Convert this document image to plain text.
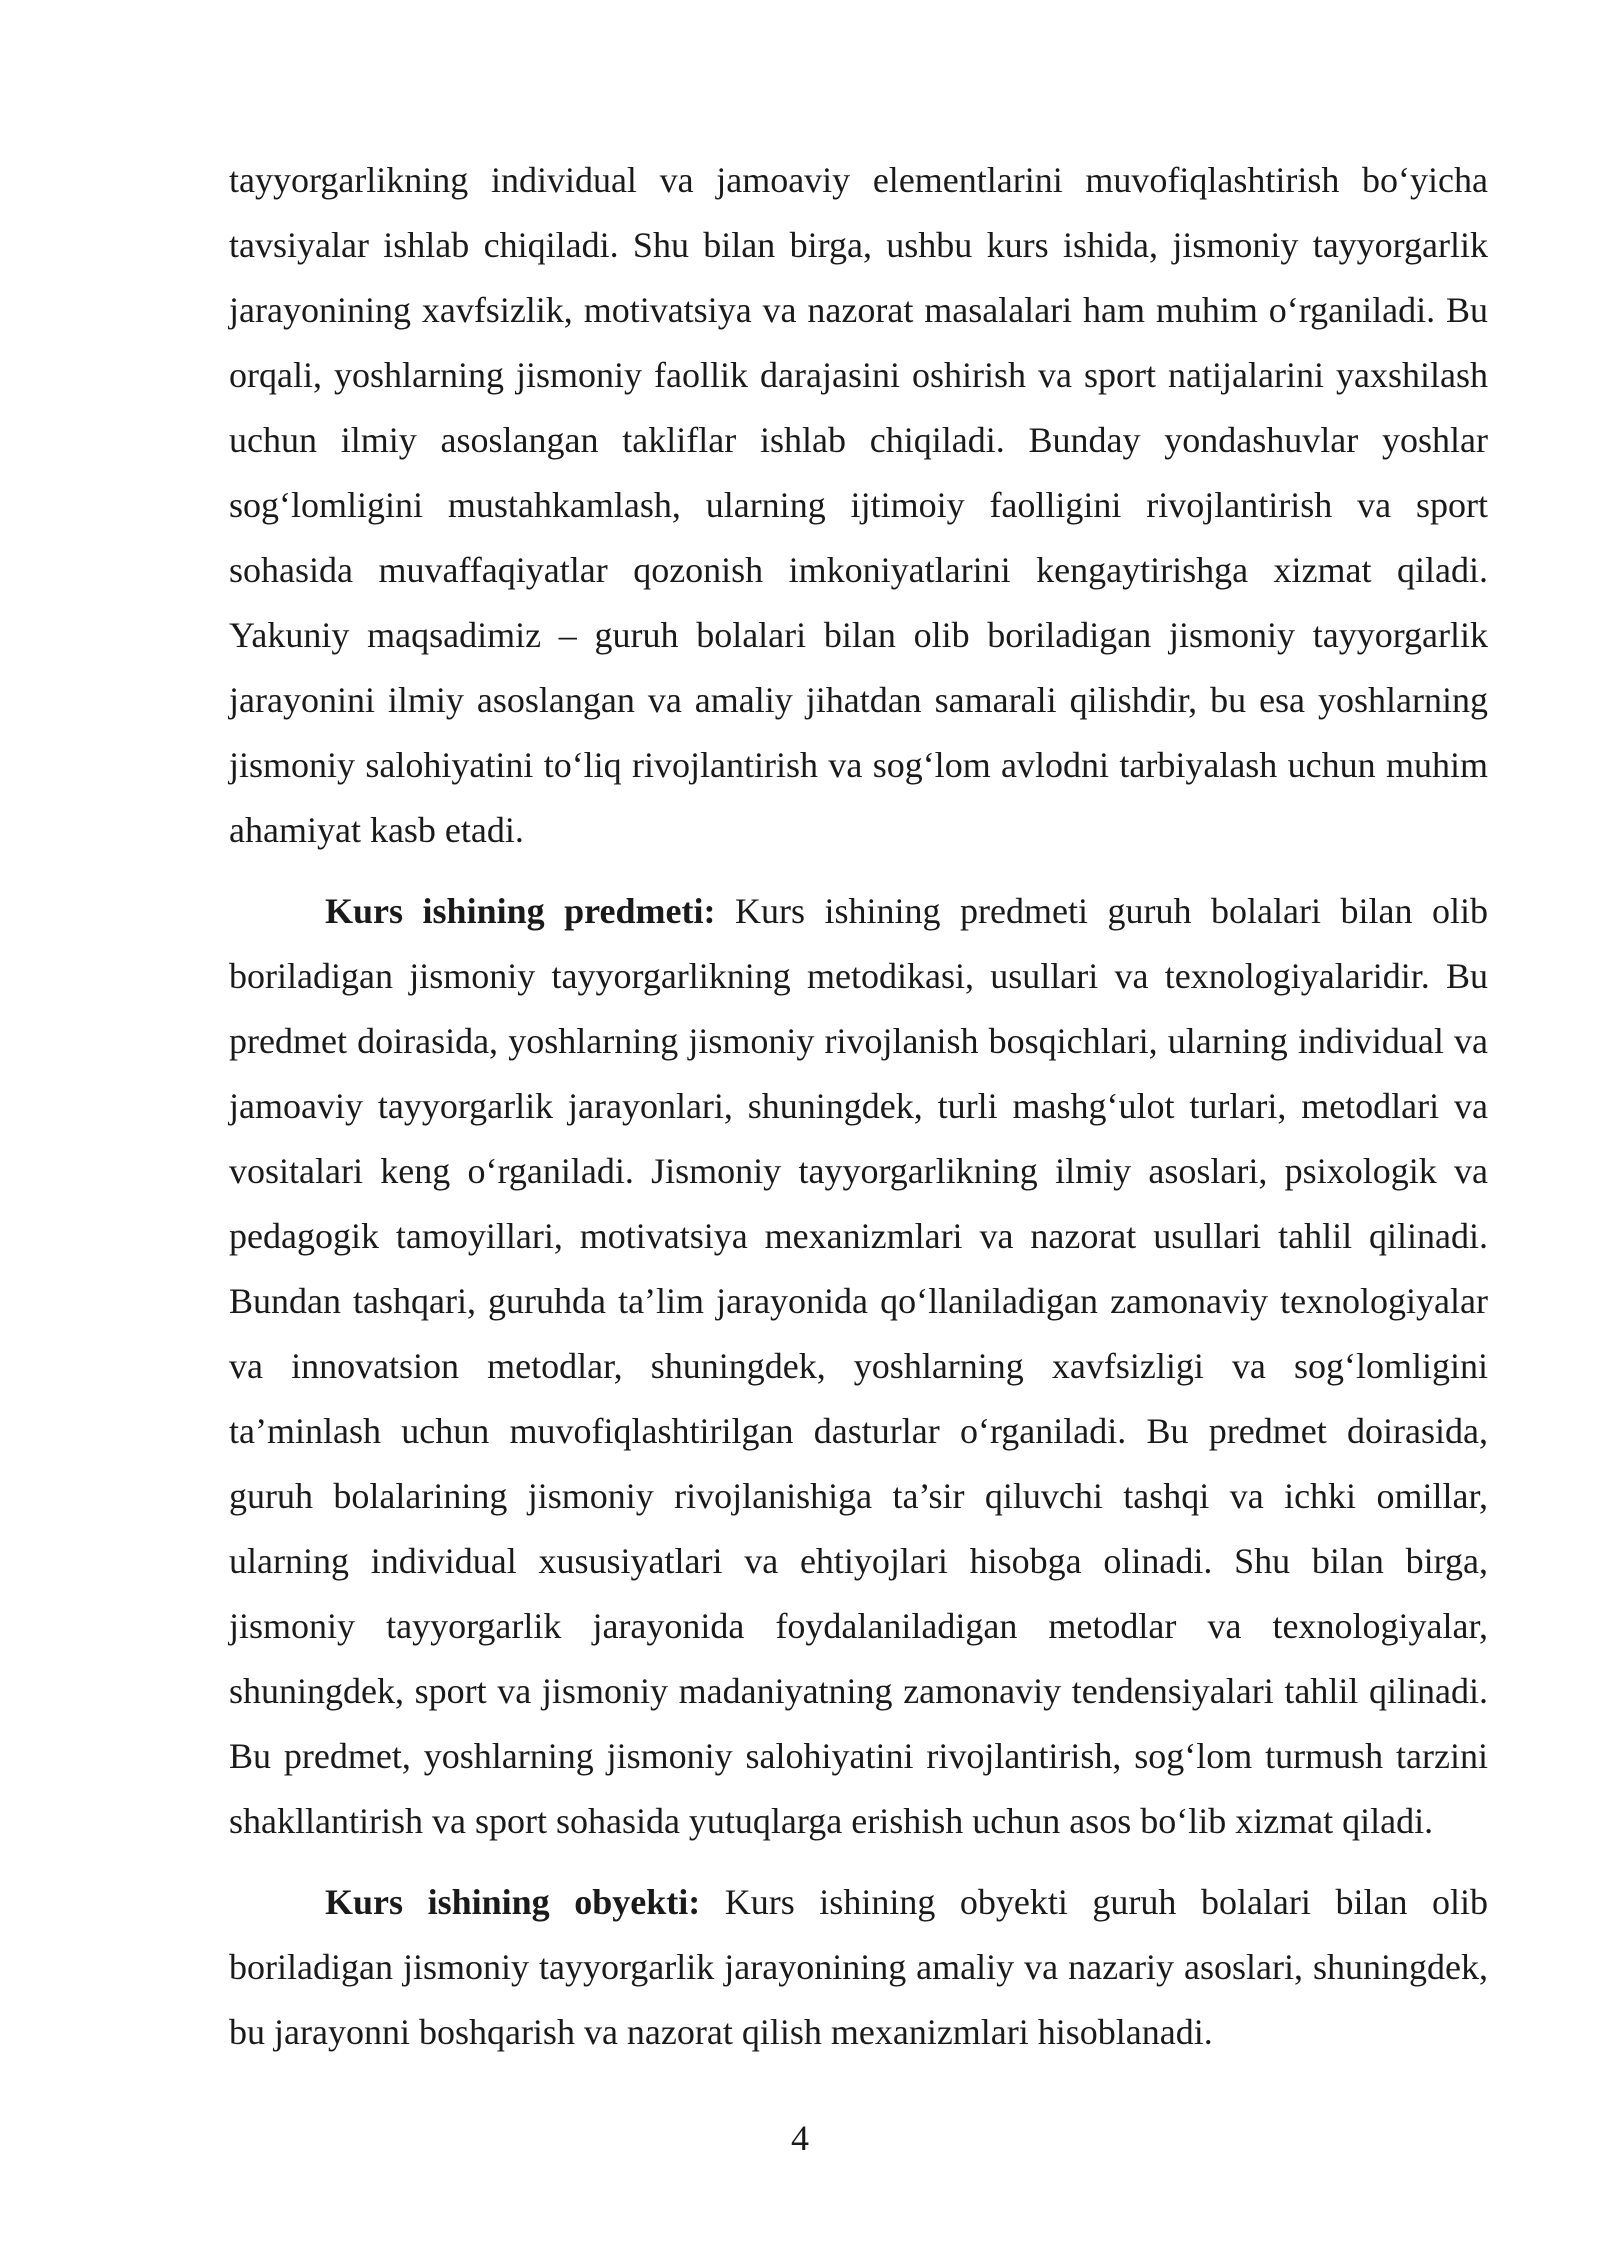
tayyorgarlikning individual va jamoaviy elementlarini muvofiqlashtirish bo‘yicha tavsiyalar ishlab chiqiladi. Shu bilan birga, ushbu kurs ishida, jismoniy tayyorgarlik jarayonining xavfsizlik, motivatsiya va nazorat masalalari ham muhim o‘rganiladi. Bu orqali, yoshlarning jismoniy faollik darajasini oshirish va sport natijalarini yaxshilash uchun ilmiy asoslangan takliflar ishlab chiqiladi. Bunday yondashuvlar yoshlar sog‘lomligini mustahkamlash, ularning ijtimoiy faolligini rivojlantirish va sport sohasida muvaffaqiyatlar qozonish imkoniyatlarini kengaytirishga xizmat qiladi. Yakuniy maqsadimiz – guruh bolalari bilan olib boriladigan jismoniy tayyorgarlik jarayonini ilmiy asoslangan va amaliy jihatdan samarali qilishdir, bu esa yoshlarning jismoniy salohiyatini to‘liq rivojlantirish va sog‘lom avlodni tarbiyalash uchun muhim ahamiyat kasb etadi.

Kurs ishining predmeti: Kurs ishining predmeti guruh bolalari bilan olib boriladigan jismoniy tayyorgarlikning metodikasi, usullari va texnologiyalaridir. Bu predmet doirasida, yoshlarning jismoniy rivojlanish bosqichlari, ularning individual va jamoaviy tayyorgarlik jarayonlari, shuningdek, turli mashg‘ulot turlari, metodlari va vositalari keng o‘rganiladi. Jismoniy tayyorgarlikning ilmiy asoslari, psixologik va pedagogik tamoyillari, motivatsiya mexanizmlari va nazorat usullari tahlil qilinadi. Bundan tashqari, guruhda ta’lim jarayonida qo‘llaniladigan zamonaviy texnologiyalar va innovatsion metodlar, shuningdek, yoshlarning xavfsizligi va sog‘lomligini ta’minlash uchun muvofiqlashtirilgan dasturlar o‘rganiladi. Bu predmet doirasida, guruh bolalarining jismoniy rivojlanishiga ta’sir qiluvchi tashqi va ichki omillar, ularning individual xususiyatlari va ehtiyojlari hisobga olinadi. Shu bilan birga, jismoniy tayyorgarlik jarayonida foydalaniladigan metodlar va texnologiyalar, shuningdek, sport va jismoniy madaniyatning zamonaviy tendensiyalari tahlil qilinadi. Bu predmet, yoshlarning jismoniy salohiyatini rivojlantirish, sog‘lom turmush tarzini shakllantirish va sport sohasida yutuqlarga erishish uchun asos bo‘lib xizmat qiladi.

Kurs ishining obyekti: Kurs ishining obyekti guruh bolalari bilan olib boriladigan jismoniy tayyorgarlik jarayonining amaliy va nazariy asoslari, shuningdek, bu jarayonni boshqarish va nazorat qilish mexanizmlari hisoblanadi.

4
